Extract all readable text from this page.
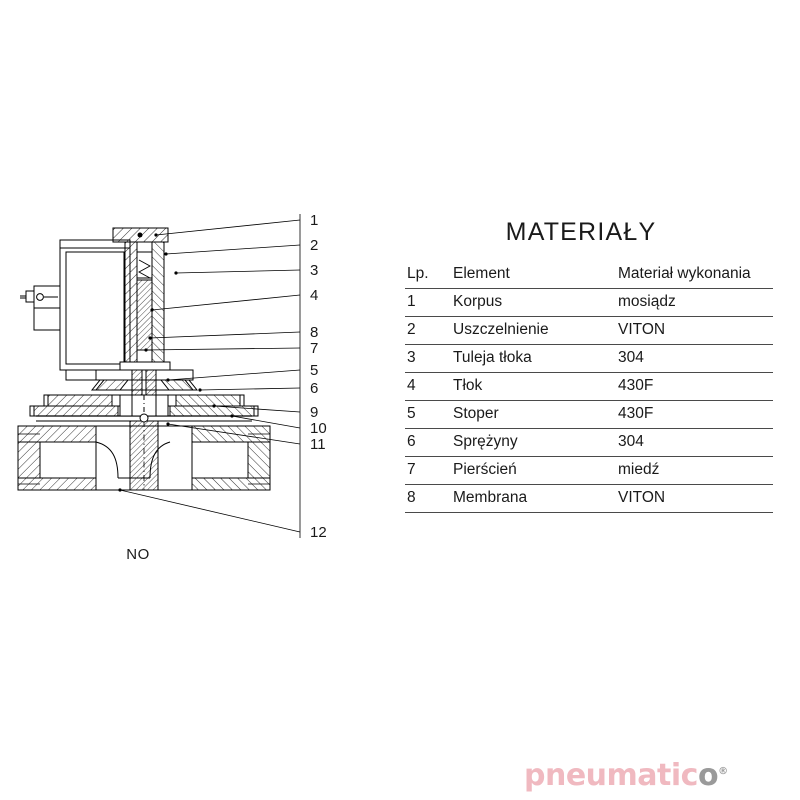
1
2
3
4
8
7
5
6
9
10
11
12
NO
MATERIAŁY
Lp.	Element	Materiał wykonania
1	Korpus	mosiądz
2	Uszczelnienie	VITON
3	Tuleja tłoka	304
4	Tłok	430F
5	Stoper	430F
6	Sprężyny	304
7	Pierścień	miedź
8	Membrana	VITON
pneumatico®
